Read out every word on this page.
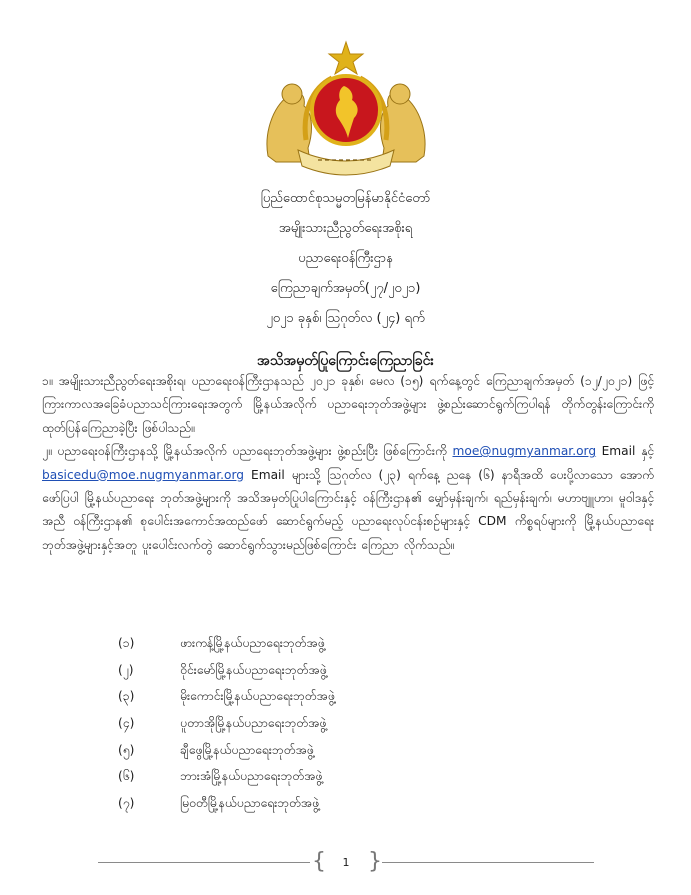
ပြည်ထောင်စုသမ္မတမြန်မာနိုင်ငံတော်
အမျိုးသားညီညွတ်ရေးအစိုးရ
ပညာရေးဝန်ကြီးဌာန
ကြေညာချက်အမှတ်(၂၇/၂၀၂၁)
၂၀၂၁ ခုနှစ်၊ ဩဂုတ်လ (၂၄) ရက်
အသိအမှတ်ပြုကြောင်းကြေညာခြင်း

၁။ အမျိုးသားညီညွတ်ရေးအစိုးရ၊ ပညာရေးဝန်ကြီးဌာနသည် ၂၀၂၁ ခုနှစ်၊ မေလ (၁၅) ရက်နေ့တွင် ကြေညာချက်အမှတ် (၁၂/၂၀၂၁) ဖြင့် ကြားကာလအခြေခံပညာသင်ကြားရေးအတွက် မြို့နယ်အလိုက် ပညာရေးဘုတ်အဖွဲ့များ ဖွဲ့စည်းဆောင်ရွက်ကြပါရန် တိုက်တွန်းကြောင်းကို ထုတ်ပြန်ကြေညာခဲ့ပြီး ဖြစ်ပါသည်။

၂။ ပညာရေးဝန်ကြီးဌာနသို့ မြို့နယ်အလိုက် ပညာရေးဘုတ်အဖွဲ့များ ဖွဲ့စည်းပြီး ဖြစ်ကြောင်းကို moe@nugmyanmar.org Email နှင့် basicedu@moe.nugmyanmar.org Email များသို့ ဩဂုတ်လ (၂၃) ရက်နေ့ ညနေ (၆) နာရီအထိ ပေးပို့လာသော အောက်ဖော်ပြပါ မြို့နယ်ပညာရေး ဘုတ်အဖွဲ့များကို အသိအမှတ်ပြုပါကြောင်းနှင့် ဝန်ကြီးဌာန၏ မျှော်မှန်းချက်၊ ရည်မှန်းချက်၊ မဟာဗျူဟာ၊ မူဝါဒနှင့်အညီ ဝန်ကြီးဌာန၏ စုပေါင်းအကောင်အထည်ဖော် ဆောင်ရွက်မည့် ပညာရေးလုပ်ငန်းစဉ်များနှင့် CDM ကိစ္စရပ်များကို မြို့နယ်ပညာရေးဘုတ်အဖွဲ့များနှင့်အတူ ပူးပေါင်းလက်တွဲ ဆောင်ရွက်သွားမည်ဖြစ်ကြောင်း ကြေညာ လိုက်သည်။

(၁)	ဖားကန့်မြို့နယ်ပညာရေးဘုတ်အဖွဲ့
(၂)	ဝိုင်းမော်မြို့နယ်ပညာရေးဘုတ်အဖွဲ့
(၃)	မိုးကောင်းမြို့နယ်ပညာရေးဘုတ်အဖွဲ့
(၄)	ပူတာအိုမြို့နယ်ပညာရေးဘုတ်အဖွဲ့
(၅)	ချီဖွေမြို့နယ်ပညာရေးဘုတ်အဖွဲ့
(၆)	ဘားအံမြို့နယ်ပညာရေးဘုတ်အဖွဲ့
(၇)	မြဝတီမြို့နယ်ပညာရေးဘုတ်အဖွဲ့
{ }
1
